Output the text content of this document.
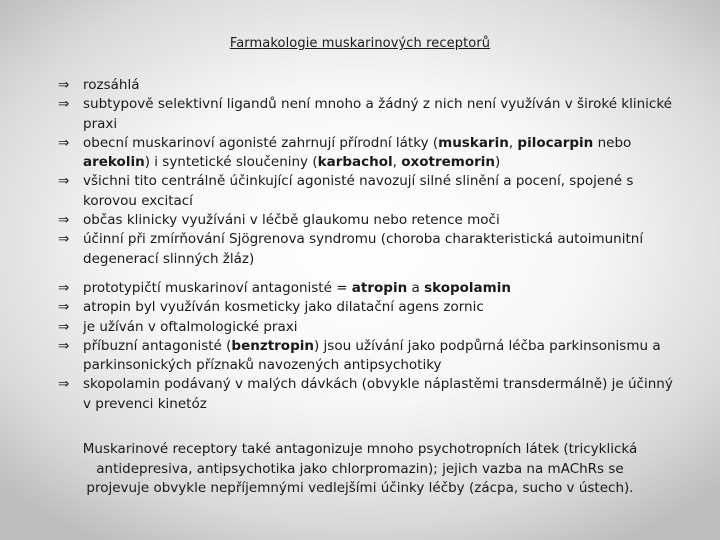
Farmakologie muskarinových receptorů
⇒ rozsáhlá
⇒ subtypově selektivní ligandů není mnoho a žádný z nich není využíván v široké klinické praxi
⇒ obecní muskarinoví agonisté zahrnují přírodní látky (muskarin, pilocarpin nebo arekolin) i syntetické sloučeniny (karbachol, oxotremorin)
⇒ všichni tito centrálně účinkující agonisté navozují silné slinění a pocení, spojené s korovou excitací
⇒ občas klinicky využíváni v léčbě glaukomu nebo retence moči
⇒ účinní při zmírňování Sjögrenova syndromu (choroba charakteristická autoimunitní degenerací slinných žláz)
⇒ prototypičtí muskarinoví antagonisté = atropin a skopolamin
⇒ atropin byl využíván kosmeticky jako dilatační agens zornic
⇒ je užíván v oftalmologické praxi
⇒ příbuzní antagonisté (benztropin) jsou užívání jako podpůrná léčba parkinsonismu a parkinsonických příznaků navozených antipsychotiky
⇒ skopolamin podávaný v malých dávkách (obvykle náplastěmi transdermálně) je účinný v prevenci kinetóz
Muskarinové receptory také antagonizuje mnoho psychotropních látek (tricyklická antidepresiva, antipsychotika jako chlorpromazin); jejich vazba na mAChRs se projevuje obvykle nepříjemnými vedlejšími účinky léčby (zácpa, sucho v ústech).
